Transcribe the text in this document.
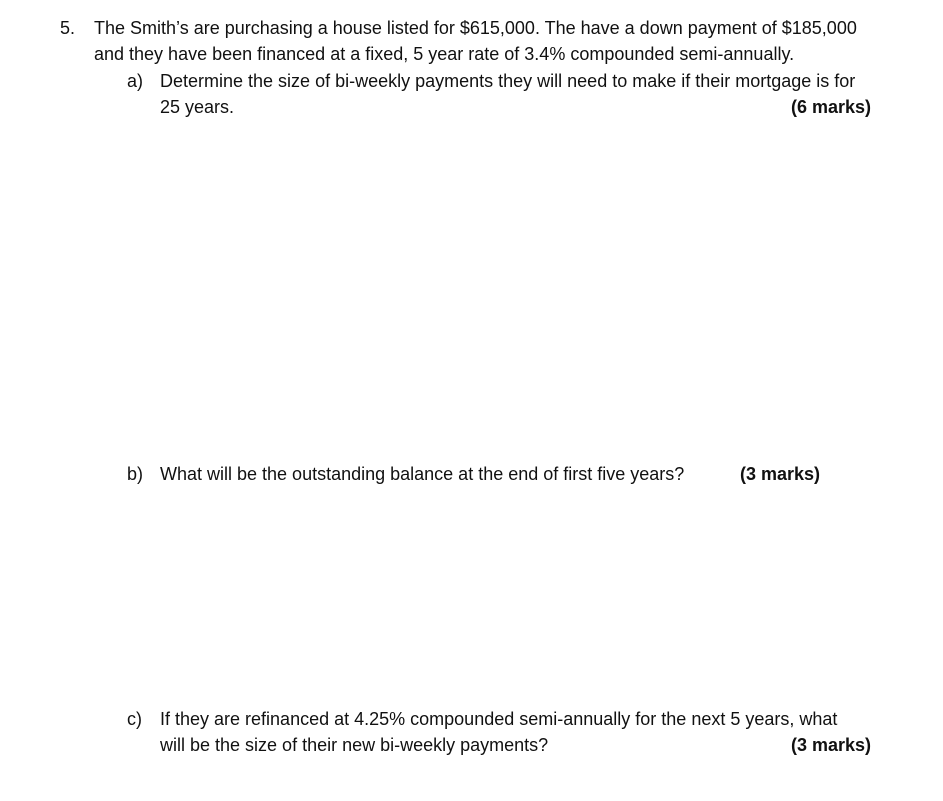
5. The Smith’s are purchasing a house listed for $615,000. The have a down payment of $185,000
and they have been financed at a fixed, 5 year rate of 3.4% compounded semi-annually.
a) Determine the size of bi-weekly payments they will need to make if their mortgage is for
25 years.	(6 marks)
b) What will be the outstanding balance at the end of first five years?	(3 marks)
c) If they are refinanced at 4.25% compounded semi-annually for the next 5 years, what
will be the size of their new bi-weekly payments?	(3 marks)
